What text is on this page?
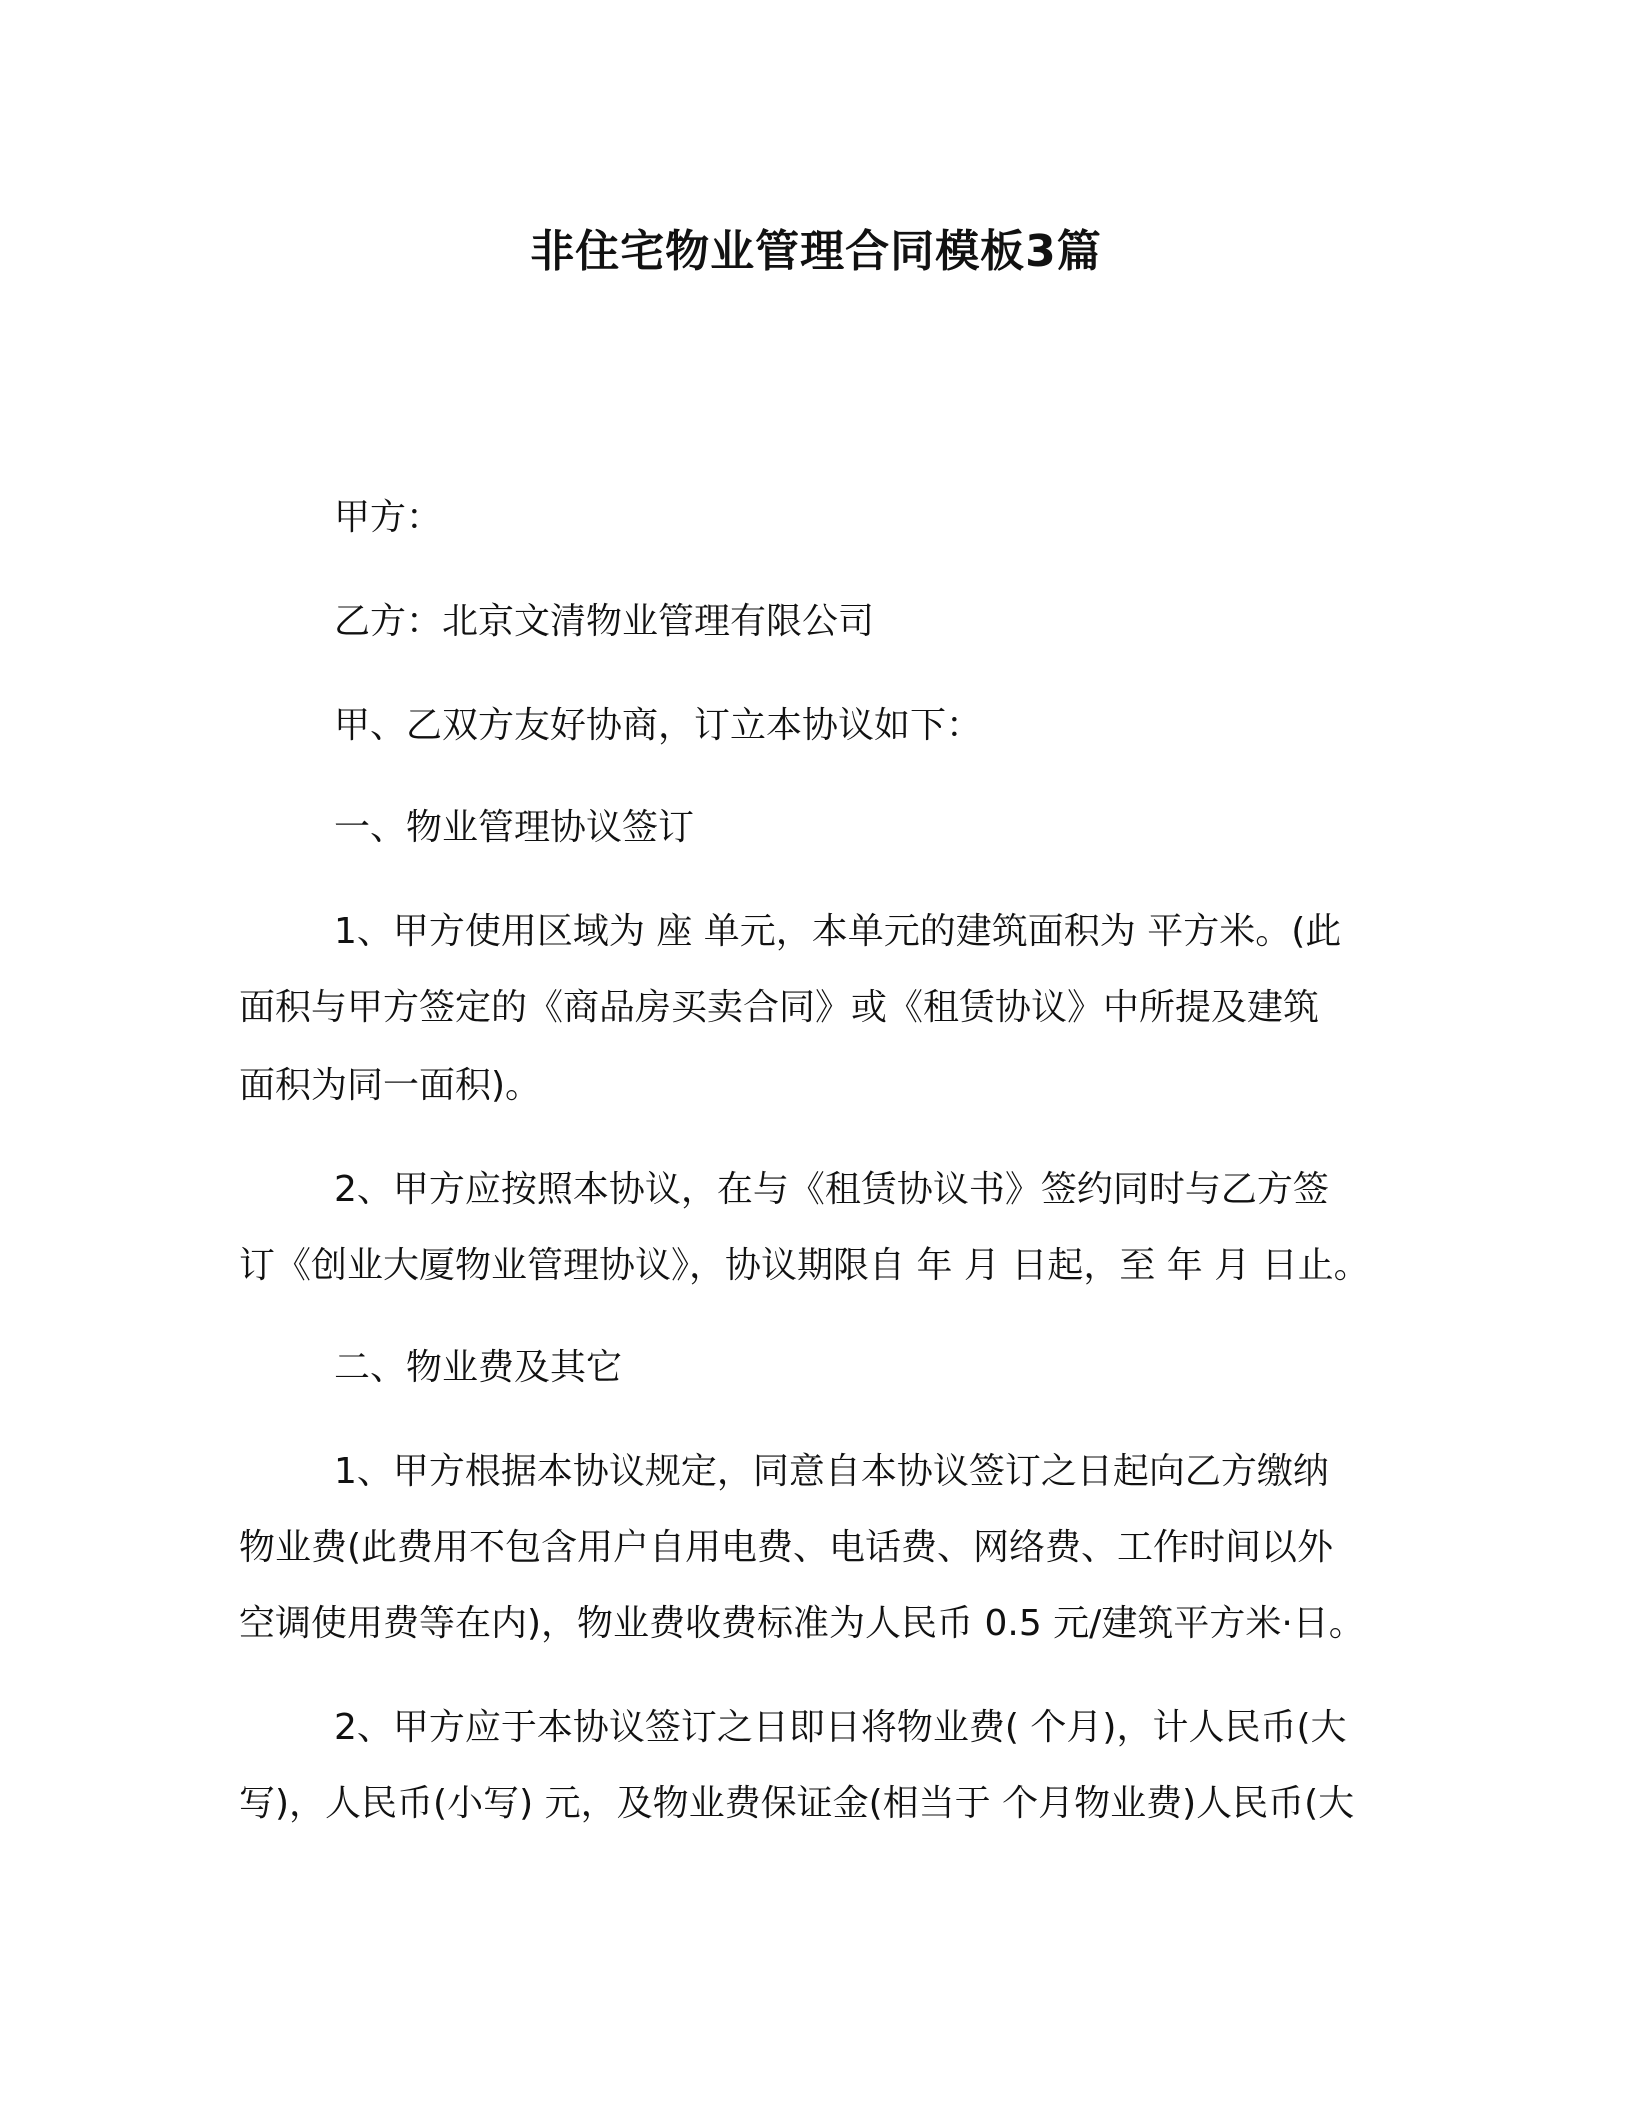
非住宅物业管理合同模板3篇
甲方：
乙方：北京文清物业管理有限公司
甲、乙双方友好协商，订立本协议如下：
一、物业管理协议签订
1、甲方使用区域为 座 单元，本单元的建筑面积为 平方米。(此
面积与甲方签定的《商品房买卖合同》或《租赁协议》中所提及建筑
面积为同一面积)。
2、甲方应按照本协议，在与《租赁协议书》签约同时与乙方签
订《创业大厦物业管理协议》，协议期限自 年 月 日起，至 年 月 日止。
二、物业费及其它
1、甲方根据本协议规定，同意自本协议签订之日起向乙方缴纳
物业费(此费用不包含用户自用电费、电话费、网络费、工作时间以外
空调使用费等在内)，物业费收费标准为人民币 0.5 元/建筑平方米·日。
2、甲方应于本协议签订之日即日将物业费( 个月)，计人民币(大
写)，人民币(小写) 元，及物业费保证金(相当于 个月物业费)人民币(大
